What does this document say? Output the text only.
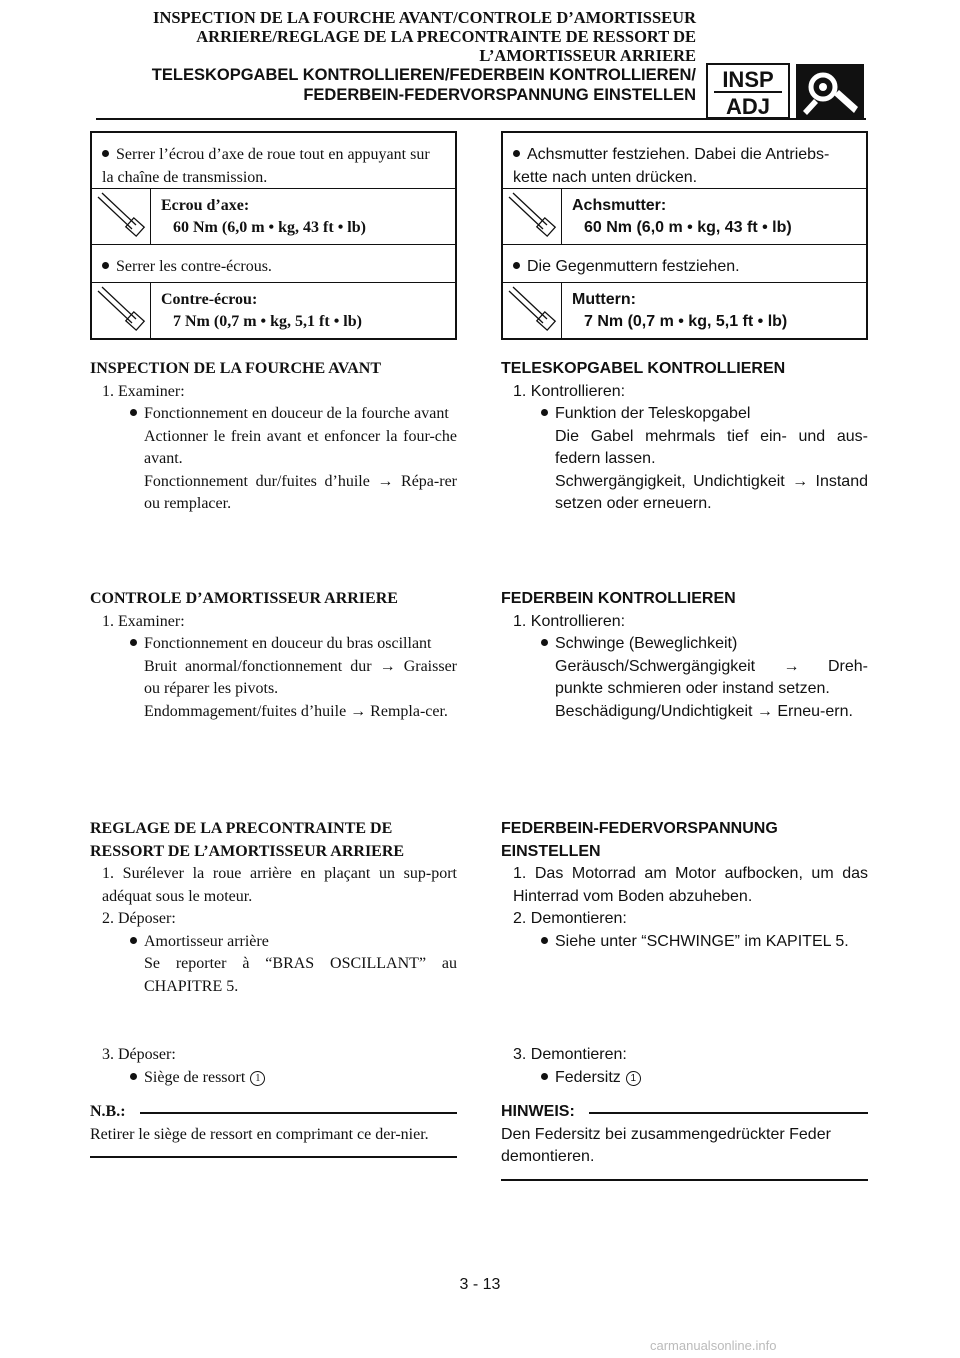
INSPECTION DE LA FOURCHE AVANT/CONTROLE D’AMORTISSEUR
ARRIERE/REGLAGE DE LA PRECONTRAINTE DE RESSORT DE
L’AMORTISSEUR ARRIERE
TELESKOPGABEL KONTROLLIEREN/FEDERBEIN KONTROLLIEREN/
FEDERBEIN-FEDERVORSPANNUNG EINSTELLEN
INSP
ADJ
Serrer l’écrou d’axe de roue tout en appuyant sur la chaîne de transmission.
Ecrou d’axe:
60 Nm (6,0 m • kg, 43 ft • lb)
Serrer les contre-écrous.
Contre-écrou:
7 Nm (0,7 m • kg, 5,1 ft • lb)
Achsmutter festziehen. Dabei die Antriebs-kette nach unten drücken.
Achsmutter:
60 Nm (6,0 m • kg, 43 ft • lb)
Die Gegenmuttern festziehen.
Muttern:
7 Nm (0,7 m • kg, 5,1 ft • lb)
INSPECTION DE LA FOURCHE AVANT
1. Examiner:
Fonctionnement en douceur de la fourche avant
Actionner le frein avant et enfoncer la four-che avant.
Fonctionnement dur/fuites d’huile → Répa-rer ou remplacer.
CONTROLE D’AMORTISSEUR ARRIERE
1. Examiner:
Fonctionnement en douceur du bras oscillant
Bruit anormal/fonctionnement dur → Graisser ou réparer les pivots.
Endommagement/fuites d’huile → Rempla-cer.
REGLAGE DE LA PRECONTRAINTE DE
RESSORT DE L’AMORTISSEUR ARRIERE
1. Surélever la roue arrière en plaçant un sup-port adéquat sous le moteur.
2. Déposer:
Amortisseur arrière
Se reporter à “BRAS OSCILLANT” au CHAPITRE 5.
3. Déposer:
Siège de ressort 1
N.B.:
Retirer le siège de ressort en comprimant ce der-nier.
TELESKOPGABEL KONTROLLIEREN
1. Kontrollieren:
Funktion der Teleskopgabel
Die Gabel mehrmals tief ein- und aus-federn lassen.
Schwergängigkeit, Undichtigkeit → Instand setzen oder erneuern.
FEDERBEIN KONTROLLIEREN
1. Kontrollieren:
Schwinge (Beweglichkeit)
Geräusch/Schwergängigkeit → Dreh-punkte schmieren oder instand setzen.
Beschädigung/Undichtigkeit → Erneu-ern.
FEDERBEIN-FEDERVORSPANNUNG
EINSTELLEN
1. Das Motorrad am Motor aufbocken, um das Hinterrad vom Boden abzuheben.
2. Demontieren:
Siehe unter “SCHWINGE” im KAPITEL 5.
3. Demontieren:
Federsitz 1
HINWEIS:
Den Federsitz bei zusammengedrückter Feder demontieren.
3 - 13
carmanualsonline.info
